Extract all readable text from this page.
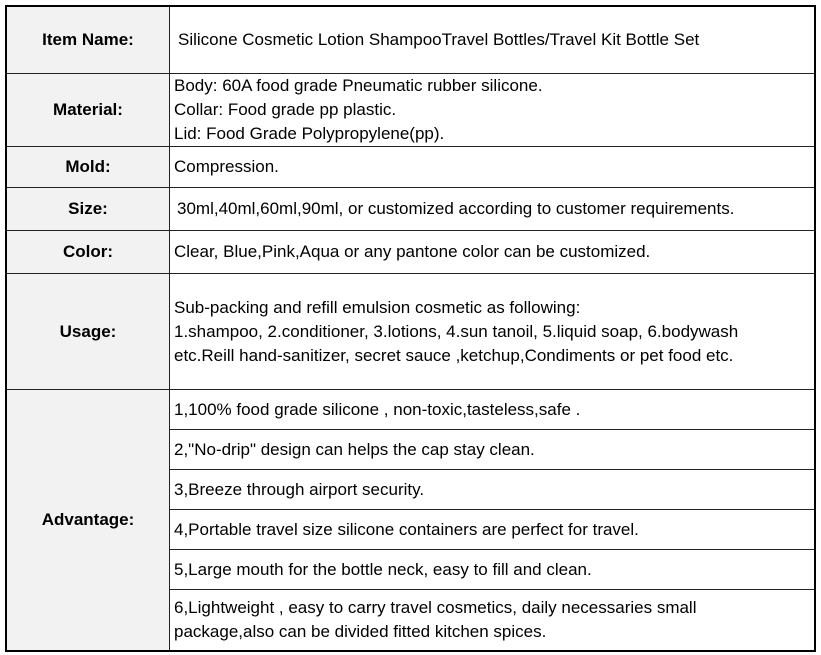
Item Name:	Silicone Cosmetic Lotion ShampooTravel Bottles/Travel Kit Bottle Set
Material:	Body: 60A food grade Pneumatic rubber silicone.
Collar: Food grade pp plastic.
Lid: Food Grade Polypropylene(pp).

Mold:	Compression.
Size:	30ml,40ml,60ml,90ml, or customized according to customer requirements.
Color:	Clear, Blue,Pink,Aqua or any pantone color can be customized.
Usage:	Sub-packing and refill emulsion cosmetic as following:
1.shampoo, 2.conditioner, 3.lotions, 4.sun tanoil, 5.liquid soap, 6.bodywash
etc.Reill hand-sanitizer, secret sauce ,ketchup,Condiments or pet food etc.

Advantage:	1,100% food grade silicone , non-toxic,tasteless,safe .
	2,"No-drip" design can helps the cap stay clean.
	3,Breeze through airport security.
	4,Portable travel size silicone containers are perfect for travel.
	5,Large mouth for the bottle neck, easy to fill and clean.

	6,Lightweight , easy to carry travel cosmetics, daily necessaries small
package,also can be divided fitted kitchen spices.
